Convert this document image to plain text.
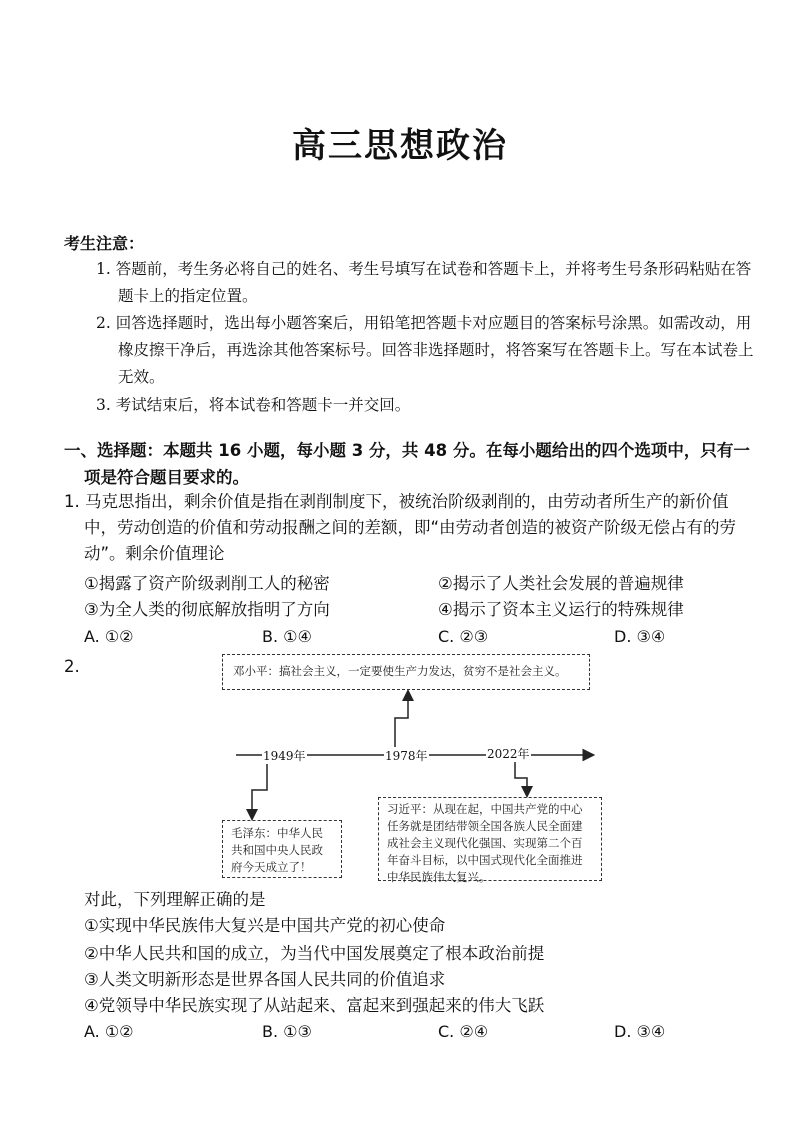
高三思想政治
考生注意：
1. 答题前，考生务必将自己的姓名、考生号填写在试卷和答题卡上，并将考生号条形码粘贴在答题卡上的指定位置。
2. 回答选择题时，选出每小题答案后，用铅笔把答题卡对应题目的答案标号涂黑。如需改动，用橡皮擦干净后，再选涂其他答案标号。回答非选择题时，将答案写在答题卡上。写在本试卷上无效。
3. 考试结束后，将本试卷和答题卡一并交回。
一、选择题：本题共 16 小题，每小题 3 分，共 48 分。在每小题给出的四个选项中，只有一项是符合题目要求的。
1. 马克思指出，剩余价值是指在剥削制度下，被统治阶级剥削的，由劳动者所生产的新价值中，劳动创造的价值和劳动报酬之间的差额，即“由劳动者创造的被资产阶级无偿占有的劳动”。剩余价值理论
①揭露了资产阶级剥削工人的秘密	②揭示了人类社会发展的普遍规律
③为全人类的彻底解放指明了方向	④揭示了资本主义运行的特殊规律
A. ①②	B. ①④	C. ②③	D. ③④
2.
1949年	1978年	2022年
邓小平：搞社会主义，一定要使生产力发达，贫穷不是社会主义。
毛泽东：中华人民共和国中央人民政府今天成立了！
习近平：从现在起，中国共产党的中心任务就是团结带领全国各族人民全面建成社会主义现代化强国、实现第二个百年奋斗目标，以中国式现代化全面推进中华民族伟大复兴。
对此，下列理解正确的是
①实现中华民族伟大复兴是中国共产党的初心使命
②中华人民共和国的成立，为当代中国发展奠定了根本政治前提
③人类文明新形态是世界各国人民共同的价值追求
④党领导中华民族实现了从站起来、富起来到强起来的伟大飞跃
A. ①②	B. ①③	C. ②④	D. ③④
